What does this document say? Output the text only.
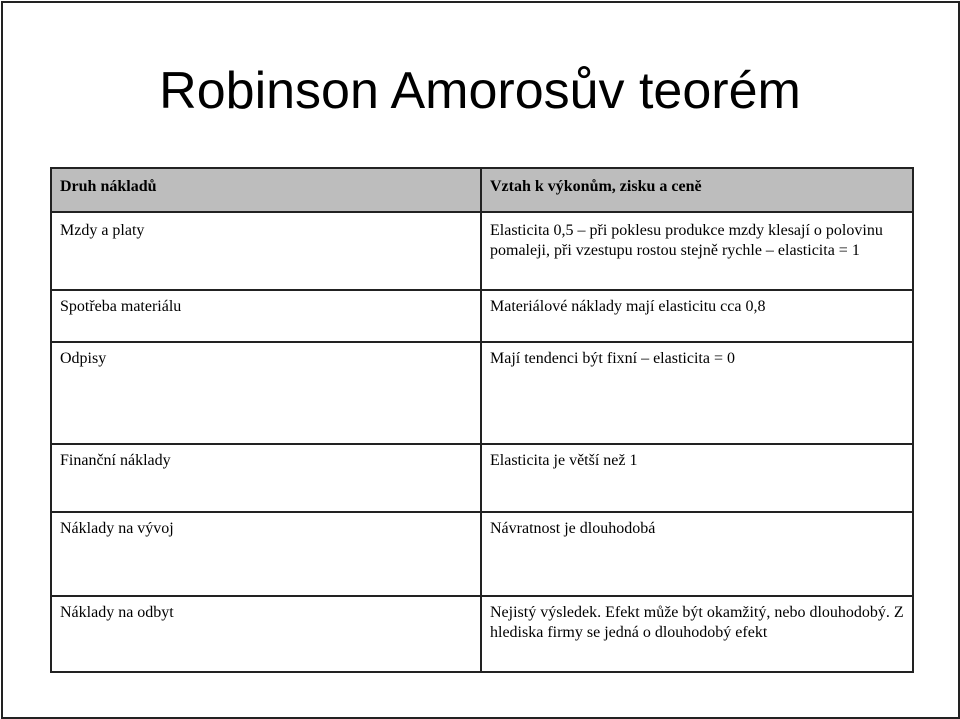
Robinson Amorosův teorém
Druh nákladů	Vztah k výkonům, zisku a ceně
Mzdy a platy	Elasticita 0,5 – při poklesu produkce mzdy klesají o polovinu pomaleji, při vzestupu rostou stejně rychle – elasticita = 1
Spotřeba materiálu	Materiálové náklady mají elasticitu cca 0,8
Odpisy	Mají tendenci být fixní – elasticita = 0
Finanční náklady	Elasticita je větší než 1
Náklady na vývoj	Návratnost je dlouhodobá
Náklady na odbyt	Nejistý výsledek. Efekt může být okamžitý, nebo dlouhodobý. Z hlediska firmy se jedná o dlouhodobý efekt
